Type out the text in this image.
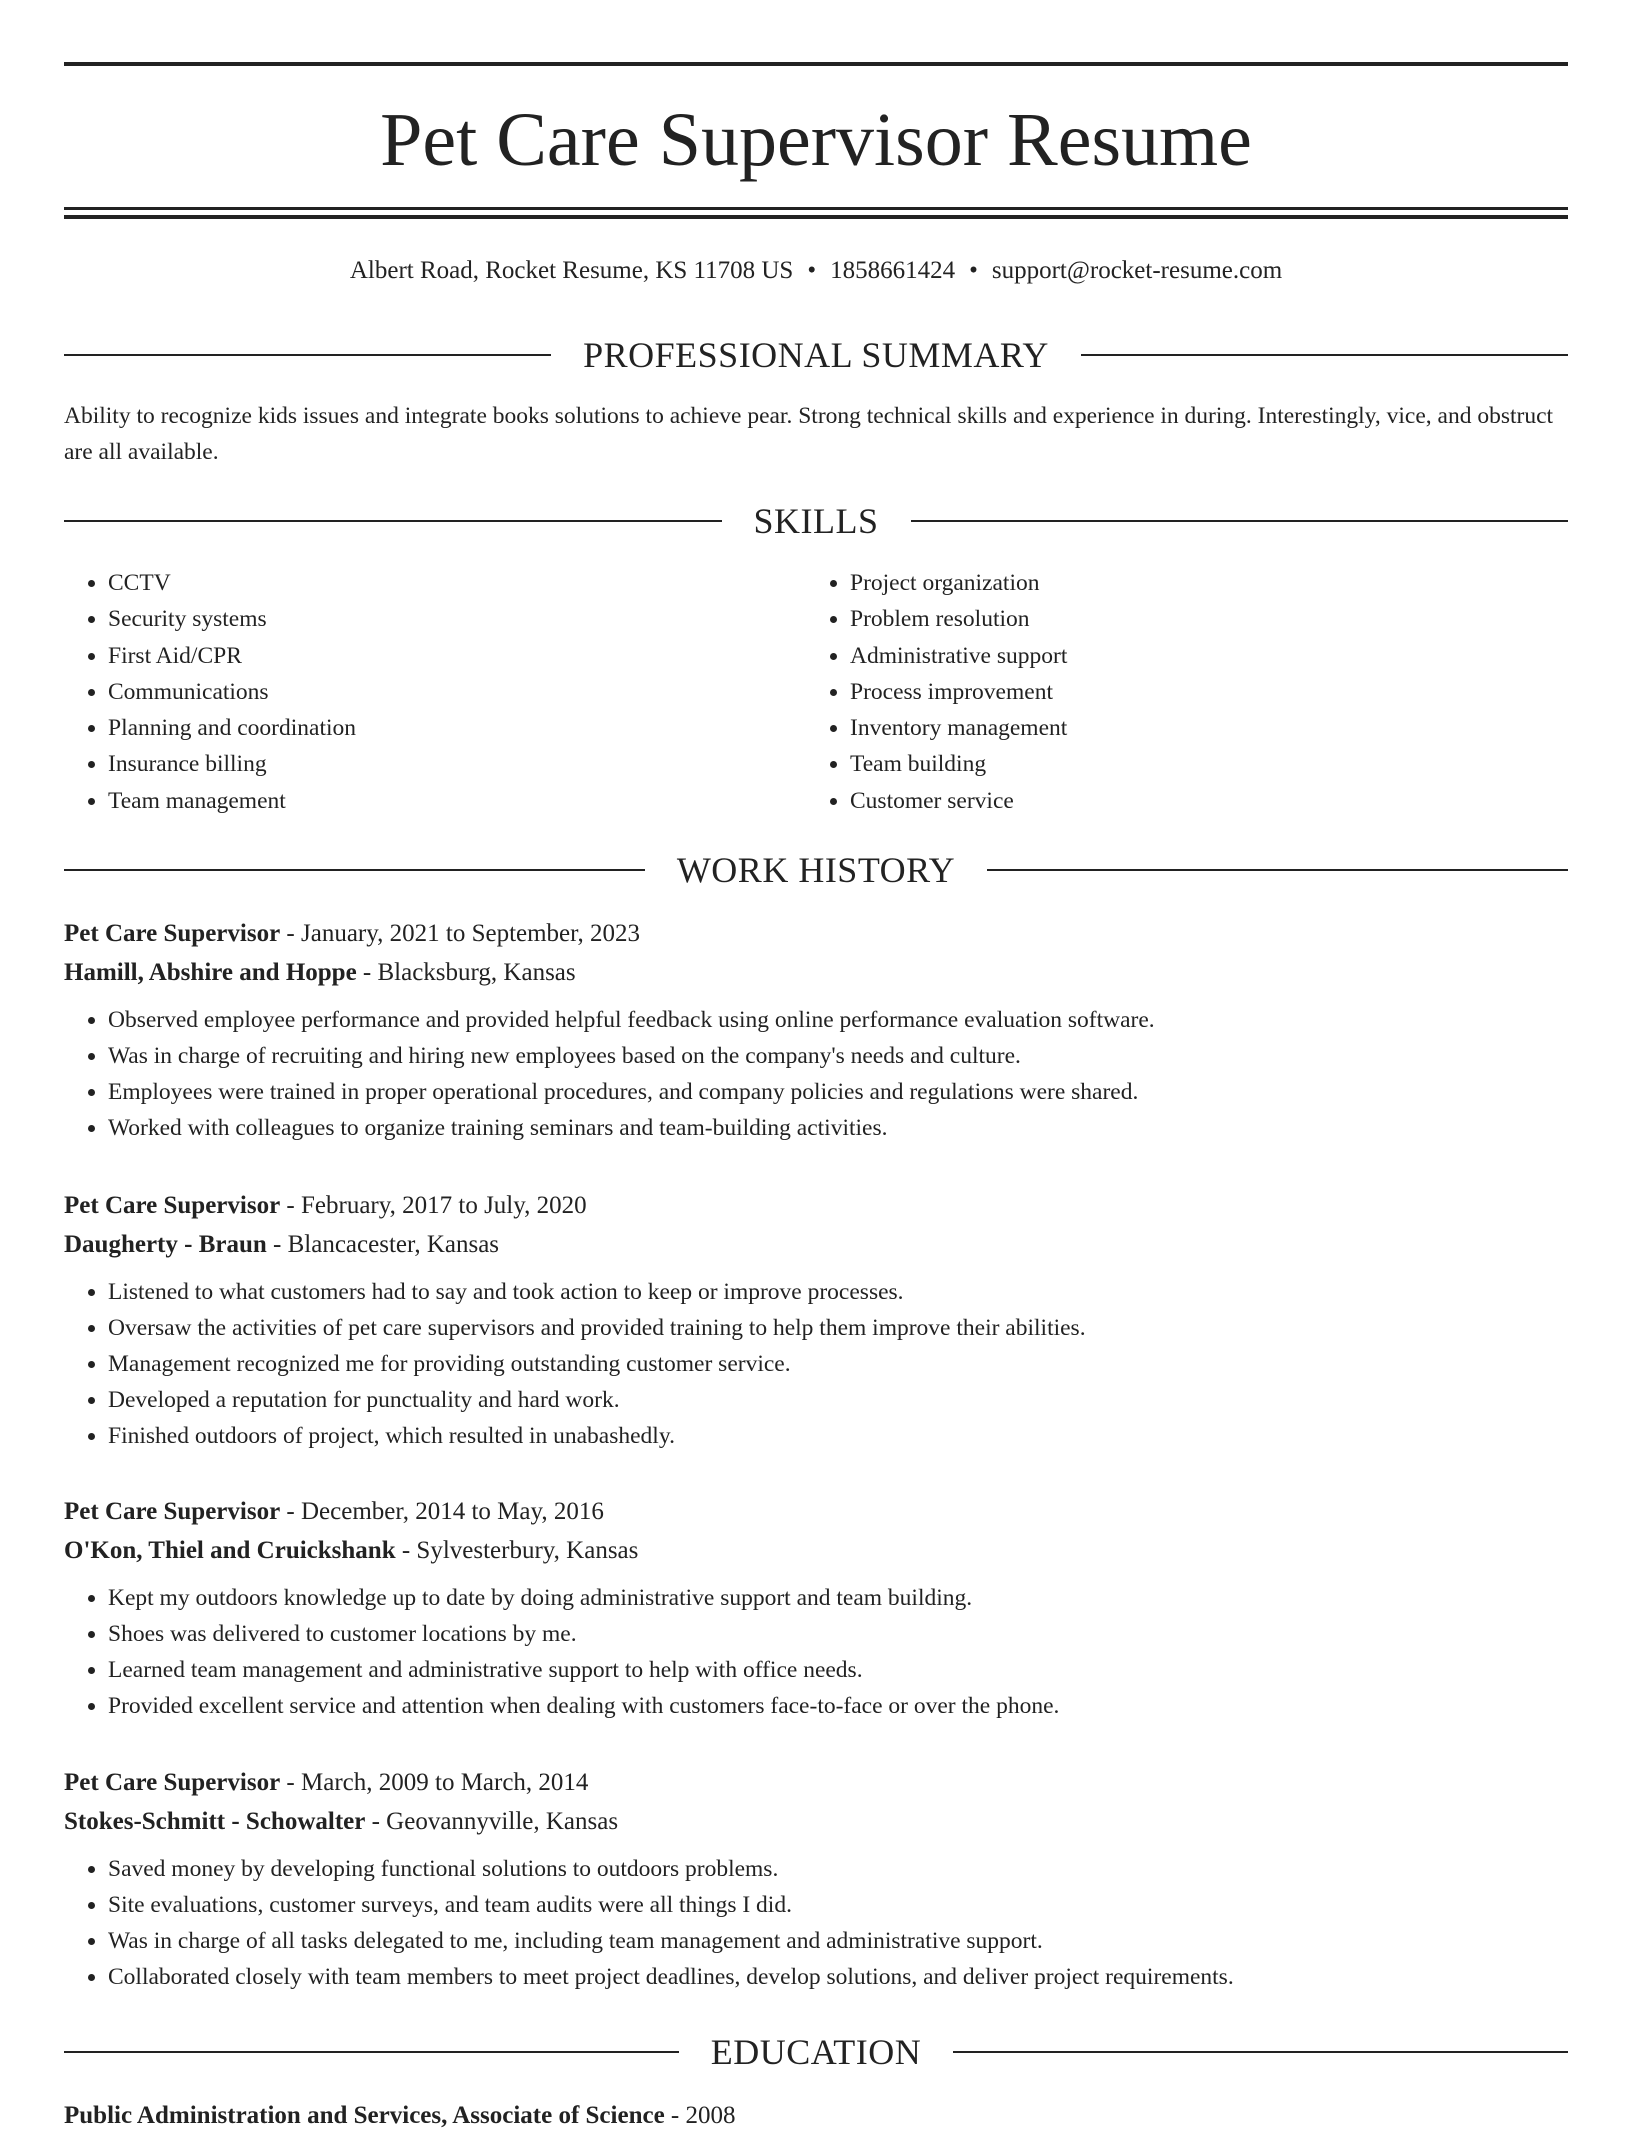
Pet Care Supervisor Resume
Albert Road, Rocket Resume, KS 11708 US • 1858661424 • support@rocket-resume.com
PROFESSIONAL SUMMARY

Ability to recognize kids issues and integrate books solutions to achieve pear. Strong technical skills and experience in during. Interestingly, vice, and obstruct are all available.

SKILLS
• CCTV
• Security systems
• First Aid/CPR
• Communications
• Planning and coordination
• Insurance billing
• Team management
• Project organization
• Problem resolution
• Administrative support
• Process improvement
• Inventory management
• Team building
• Customer service
WORK HISTORY
Pet Care Supervisor - January, 2021 to September, 2023
Hamill, Abshire and Hoppe - Blacksburg, Kansas
• Observed employee performance and provided helpful feedback using online performance evaluation software.
• Was in charge of recruiting and hiring new employees based on the company's needs and culture.
• Employees were trained in proper operational procedures, and company policies and regulations were shared.
• Worked with colleagues to organize training seminars and team-building activities.
Pet Care Supervisor - February, 2017 to July, 2020
Daugherty - Braun - Blancacester, Kansas
• Listened to what customers had to say and took action to keep or improve processes.
• Oversaw the activities of pet care supervisors and provided training to help them improve their abilities.
• Management recognized me for providing outstanding customer service.
• Developed a reputation for punctuality and hard work.
• Finished outdoors of project, which resulted in unabashedly.
Pet Care Supervisor - December, 2014 to May, 2016
O'Kon, Thiel and Cruickshank - Sylvesterbury, Kansas
• Kept my outdoors knowledge up to date by doing administrative support and team building.
• Shoes was delivered to customer locations by me.
• Learned team management and administrative support to help with office needs.
• Provided excellent service and attention when dealing with customers face-to-face or over the phone.
Pet Care Supervisor - March, 2009 to March, 2014
Stokes-Schmitt - Schowalter - Geovannyville, Kansas
• Saved money by developing functional solutions to outdoors problems.
• Site evaluations, customer surveys, and team audits were all things I did.
• Was in charge of all tasks delegated to me, including team management and administrative support.
• Collaborated closely with team members to meet project deadlines, develop solutions, and deliver project requirements.
EDUCATION
Public Administration and Services, Associate of Science - 2008
